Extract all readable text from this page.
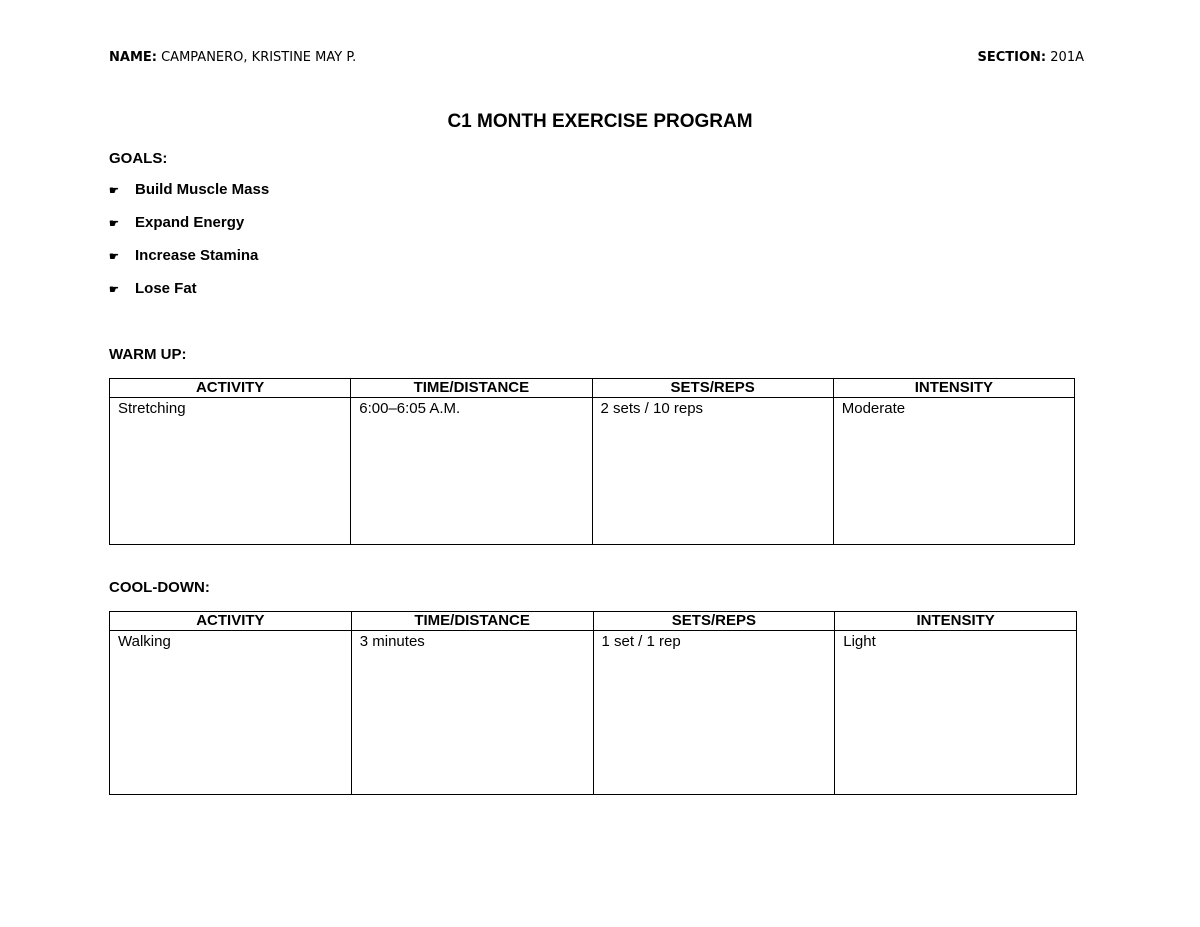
NAME: CAMPANERO, KRISTINE MAY P.	SECTION: 201A
C1 MONTH EXERCISE PROGRAM
GOALS:
☛	Build Muscle Mass
☛	Expand Energy
☛	Increase Stamina
☛	Lose Fat
WARM UP:
ACTIVITY	TIME/DISTANCE	SETS/REPS	INTENSITY
Stretching	6:00–6:05 A.M.	2 sets / 10 reps	Moderate
COOL-DOWN:
ACTIVITY	TIME/DISTANCE	SETS/REPS	INTENSITY
Walking	3 minutes	1 set / 1 rep	Light
